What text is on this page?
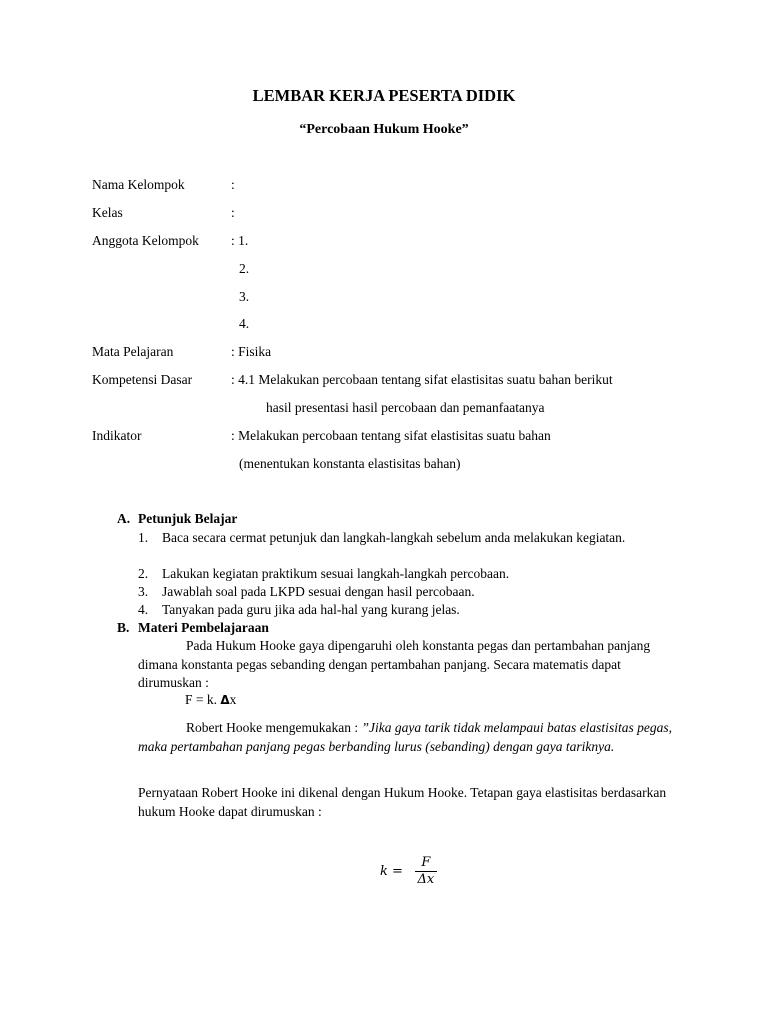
LEMBAR KERJA PESERTA DIDIK
“Percobaan Hukum Hooke”
Nama Kelompok	:
Kelas	:
Anggota Kelompok : 1.
2.
3.
4.
Mata Pelajaran	: Fisika
Kompetensi Dasar	: 4.1 Melakukan percobaan tentang sifat elastisitas suatu bahan berikut
hasil presentasi hasil percobaan dan pemanfaatanya
Indikator	: Melakukan percobaan tentang sifat elastisitas suatu bahan
(menentukan konstanta elastisitas bahan)
A. Petunjuk Belajar
1. Baca secara cermat petunjuk dan langkah-langkah sebelum anda melakukan kegiatan.
2. Lakukan kegiatan praktikum sesuai langkah-langkah percobaan.
3. Jawablah soal pada LKPD sesuai dengan hasil percobaan.
4. Tanyakan pada guru jika ada hal-hal yang kurang jelas.
B. Materi Pembelajaraan
Pada Hukum Hooke gaya dipengaruhi oleh konstanta pegas dan pertambahan panjang dimana konstanta pegas sebanding dengan pertambahan panjang. Secara matematis dapat dirumuskan :
F = k. Δx
Robert Hooke mengemukakan : ”Jika gaya tarik tidak melampaui batas elastisitas pegas, maka pertambahan panjang pegas berbanding lurus (sebanding) dengan gaya tariknya.
Pernyataan Robert Hooke ini dikenal dengan Hukum Hooke. Tetapan gaya elastisitas berdasarkan hukum Hooke dapat dirumuskan :
$k = \frac{F}{\Delta x}$
